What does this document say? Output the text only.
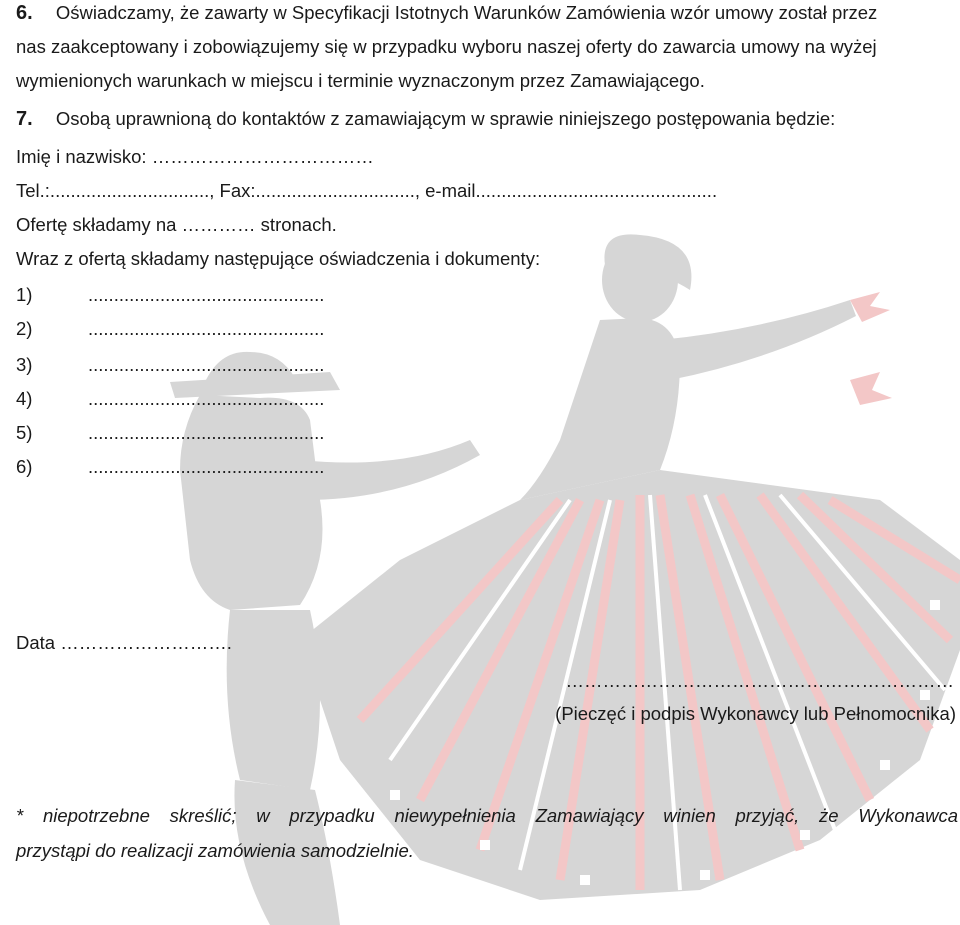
6. Oświadczamy, że zawarty w Specyfikacji Istotnych Warunków Zamówienia wzór umowy został przez
nas zaakceptowany i zobowiązujemy się w przypadku wyboru naszej oferty do zawarcia umowy na wyżej
wymienionych warunkach w miejscu i terminie wyznaczonym przez Zamawiającego.
7. Osobą uprawnioną do kontaktów z zamawiającym w sprawie niniejszego postępowania będzie:
Imię i nazwisko: ………………………………
Tel.:..............................., Fax:..............................., e-mail...............................................
Ofertę składamy na ………… stronach.
Wraz z ofertą składamy następujące oświadczenia i dokumenty:
1)	..............................................
2)	..............................................
3)	..............................................
4)	..............................................
5)	..............................................
6)	..............................................
Data ……………………….
………………………………………………………
(Pieczęć i podpis Wykonawcy lub Pełnomocnika)
* niepotrzebne skreślić; w przypadku niewypełnienia Zamawiający winien przyjąć, że Wykonawca
przystąpi do realizacji zamówienia samodzielnie.
